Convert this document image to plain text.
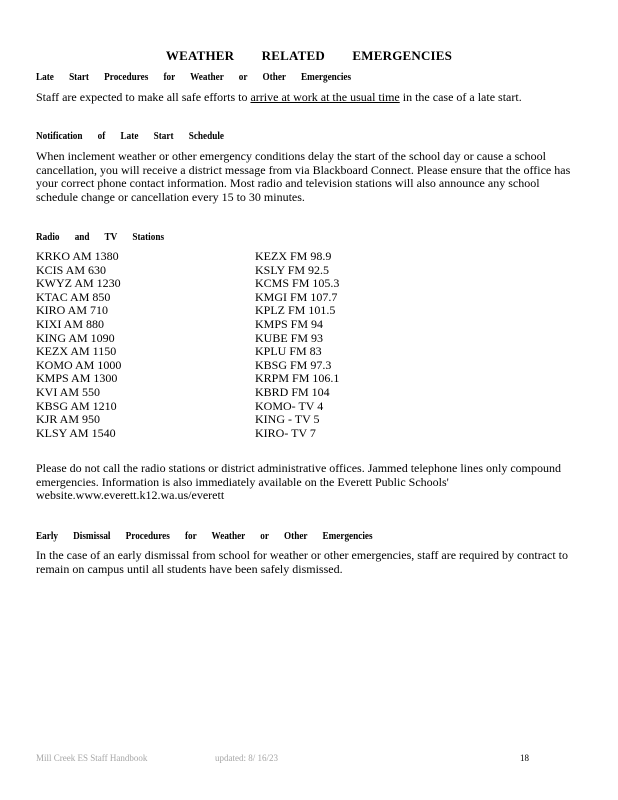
WEATHER RELATED EMERGENCIES
Late Start Procedures for Weather or Other Emergencies
Staff are expected to make all safe efforts to arrive at work at the usual time in the case of a late start.
Notification of Late Start Schedule
When inclement weather or other emergency conditions delay the start of the school day or cause a school cancellation, you will receive a district message from via Blackboard Connect. Please ensure that the office has your correct phone contact information. Most radio and television stations will also announce any school schedule change or cancellation every 15 to 30 minutes.
Radio and TV Stations
KRKO AM 1380
KCIS AM 630
KWYZ AM 1230
KTAC AM 850
KIRO AM 710
KIXI AM 880
KING AM 1090
KEZX AM 1150
KOMO AM 1000
KMPS AM 1300
KVI AM 550
KBSG AM 1210
KJR AM 950
KLSY AM 1540
KEZX FM 98.9
KSLY FM 92.5
KCMS FM 105.3
KMGI FM 107.7
KPLZ FM 101.5
KMPS FM 94
KUBE FM 93
KPLU FM 83
KBSG FM 97.3
KRPM FM 106.1
KBRD FM 104
KOMO- TV 4
KING - TV 5
KIRO- TV 7
Please do not call the radio stations or district administrative offices. Jammed telephone lines only compound emergencies. Information is also immediately available on the Everett Public Schools' website.www.everett.k12.wa.us/everett
Early Dismissal Procedures for Weather or Other Emergencies
In the case of an early dismissal from school for weather or other emergencies, staff are required by contract to remain on campus until all students have been safely dismissed.
Mill Creek ES Staff Handbook	updated: 8/ 16/23	18
